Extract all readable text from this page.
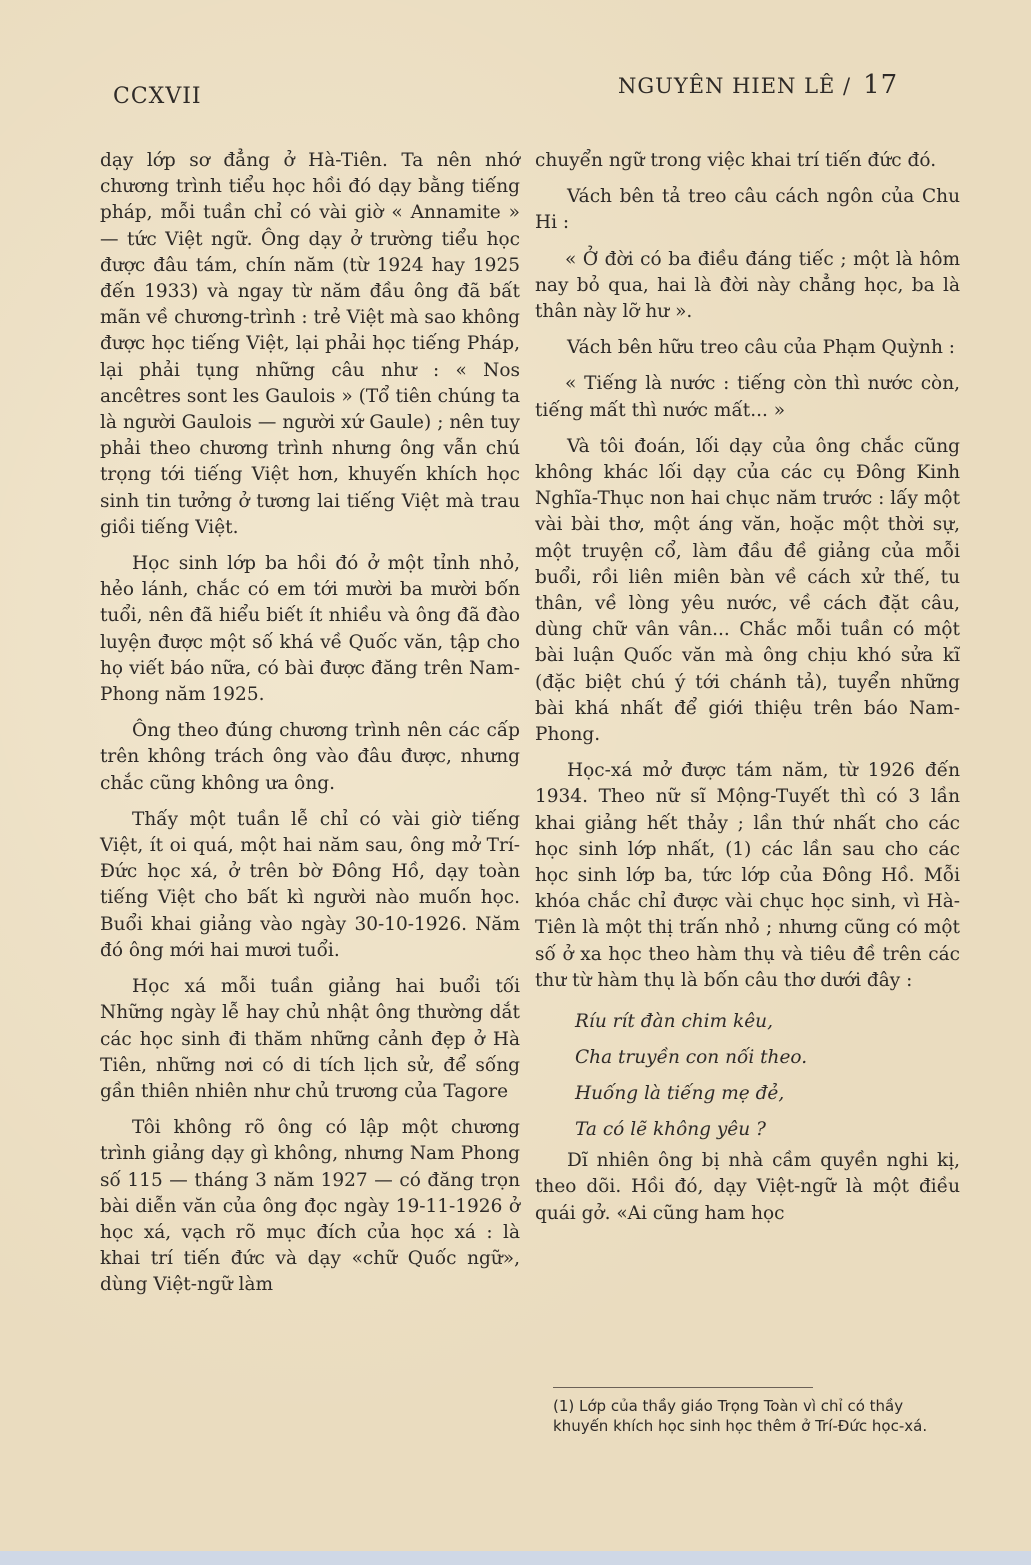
CCXVII	NGUYÊN HIEN LÊ / 17

dạy lớp sơ đẳng ở Hà-Tiên. Ta nên nhớ chương trình tiểu học hồi đó dạy bằng tiếng pháp, mỗi tuần chỉ có vài giờ « Annamite » — tức Việt ngữ. Ông dạy ở trường tiểu học được đâu tám, chín năm (từ 1924 hay 1925 đến 1933) và ngay từ năm đầu ông đã bất mãn về chương-trình : trẻ Việt mà sao không được học tiếng Việt, lại phải học tiếng Pháp, lại phải tụng những câu như : « Nos ancêtres sont les Gaulois » (Tổ tiên chúng ta là người Gaulois — người xứ Gaule) ; nên tuy phải theo chương trình nhưng ông vẫn chú trọng tới tiếng Việt hơn, khuyến khích học sinh tin tưởng ở tương lai tiếng Việt mà trau giồi tiếng Việt.

Học sinh lớp ba hồi đó ở một tỉnh nhỏ, hẻo lánh, chắc có em tới mười ba mười bốn tuổi, nên đã hiểu biết ít nhiều và ông đã đào luyện được một số khá về Quốc văn, tập cho họ viết báo nữa, có bài được đăng trên Nam-Phong năm 1925.

Ông theo đúng chương trình nên các cấp trên không trách ông vào đâu được, nhưng chắc cũng không ưa ông.

Thấy một tuần lễ chỉ có vài giờ tiếng Việt, ít oi quá, một hai năm sau, ông mở Trí-Đức học xá, ở trên bờ Đông Hồ, dạy toàn tiếng Việt cho bất kì người nào muốn học. Buổi khai giảng vào ngày 30-10-1926. Năm đó ông mới hai mươi tuổi.

Học xá mỗi tuần giảng hai buổi tối Những ngày lễ hay chủ nhật ông thường dắt các học sinh đi thăm những cảnh đẹp ở Hà Tiên, những nơi có di tích lịch sử, để sống gần thiên nhiên như chủ trương của Tagore

Tôi không rõ ông có lập một chương trình giảng dạy gì không, nhưng Nam Phong số 115 — tháng 3 năm 1927 — có đăng trọn bài diễn văn của ông đọc ngày 19-11-1926 ở học xá, vạch rõ mục đích của học xá : là khai trí tiến đức và dạy «chữ Quốc ngữ», dùng Việt-ngữ làm

chuyển ngữ trong việc khai trí tiến đức đó.

Vách bên tả treo câu cách ngôn của Chu Hi :

« Ở đời có ba điều đáng tiếc ; một là hôm nay bỏ qua, hai là đời này chẳng học, ba là thân này lỡ hư ».

Vách bên hữu treo câu của Phạm Quỳnh :

« Tiếng là nước : tiếng còn thì nước còn, tiếng mất thì nước mất... »

Và tôi đoán, lối dạy của ông chắc cũng không khác lối dạy của các cụ Đông Kinh Nghĩa-Thục non hai chục năm trước : lấy một vài bài thơ, một áng văn, hoặc một thời sự, một truyện cổ, làm đầu đề giảng của mỗi buổi, rồi liên miên bàn về cách xử thế, tu thân, về lòng yêu nước, về cách đặt câu, dùng chữ vân vân... Chắc mỗi tuần có một bài luận Quốc văn mà ông chịu khó sửa kĩ (đặc biệt chú ý tới chánh tả), tuyển những bài khá nhất để giới thiệu trên báo Nam-Phong.

Học-xá mở được tám năm, từ 1926 đến 1934. Theo nữ sĩ Mộng-Tuyết thì có 3 lần khai giảng hết thảy ; lần thứ nhất cho các học sinh lớp nhất, (1) các lần sau cho các học sinh lớp ba, tức lớp của Đông Hồ. Mỗi khóa chắc chỉ được vài chục học sinh, vì Hà-Tiên là một thị trấn nhỏ ; nhưng cũng có một số ở xa học theo hàm thụ và tiêu đề trên các thư từ hàm thụ là bốn câu thơ dưới đây :

Ríu rít đàn chim kêu,
Cha truyền con nối theo.
Huống là tiếng mẹ đẻ,
Ta có lẽ không yêu ?

Dĩ nhiên ông bị nhà cầm quyền nghi kị, theo dõi. Hồi đó, dạy Việt-ngữ là một điều quái gở. «Ai cũng ham học

(1) Lớp của thầy giáo Trọng Toàn vì chỉ có thầy khuyến khích học sinh học thêm ở Trí-Đức học-xá.
